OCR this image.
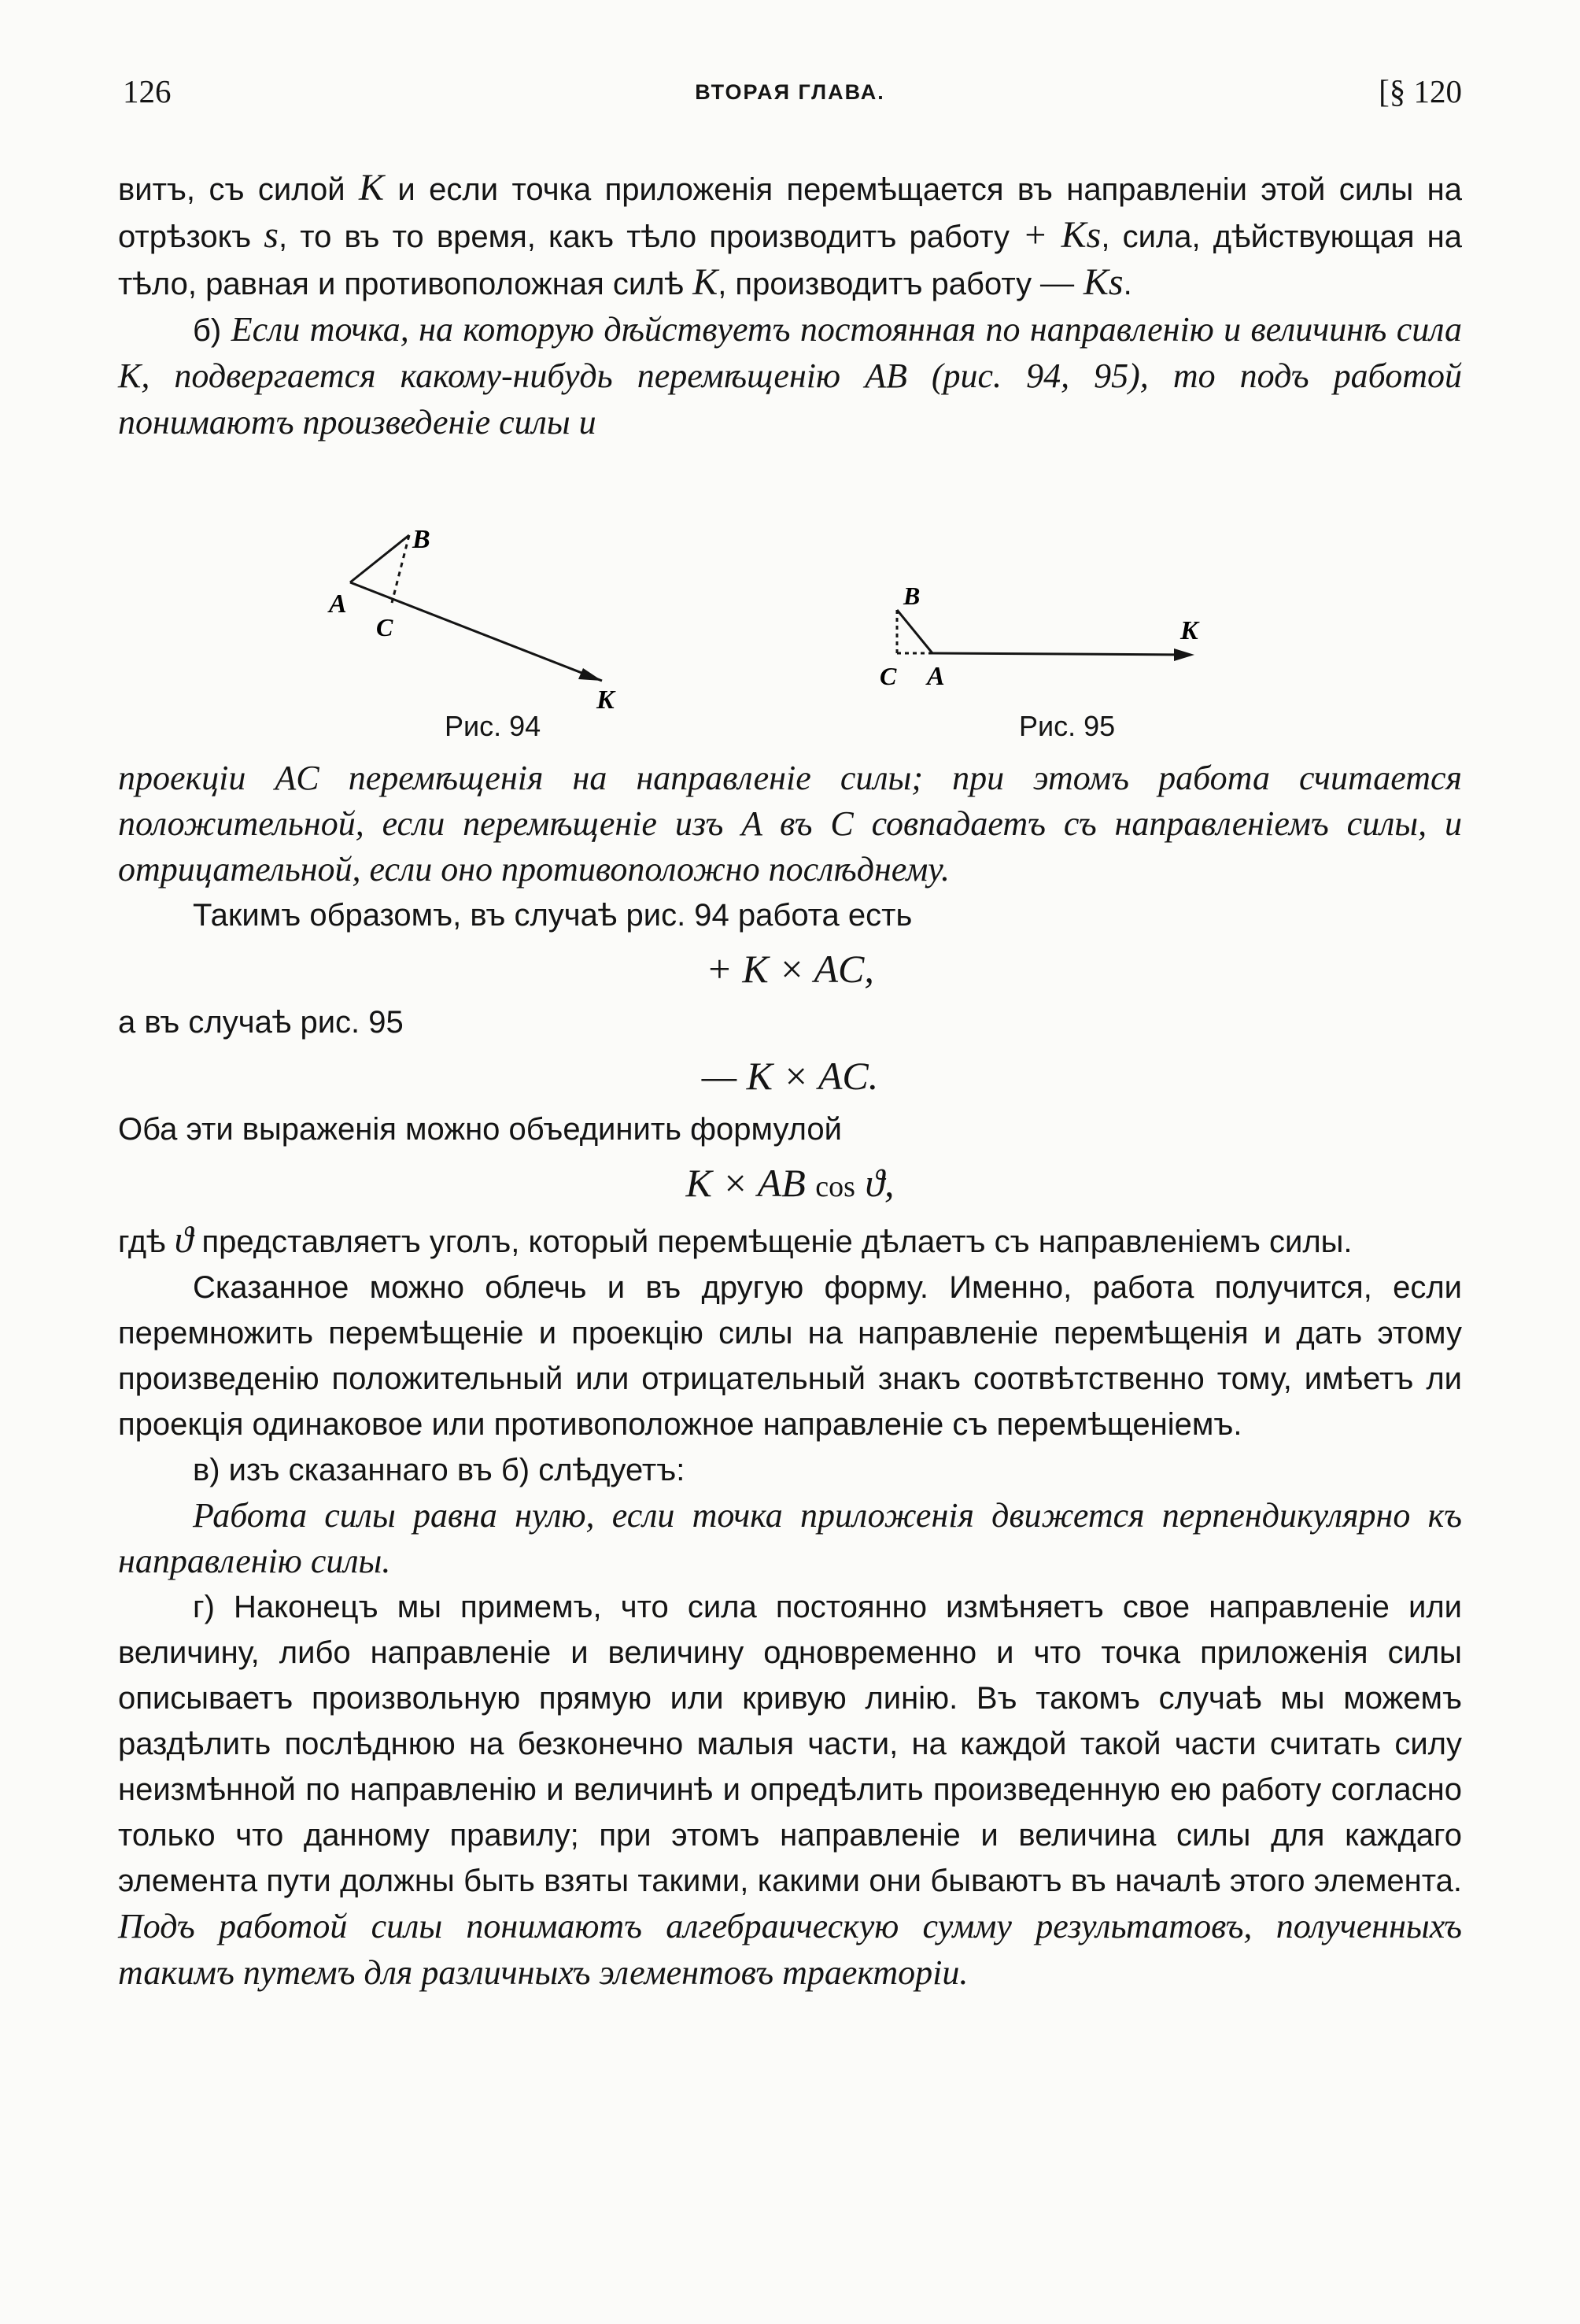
126	ВТОРАЯ ГЛАВА.	[§ 120

витъ, съ силой K и если точка приложенія перемѣщается въ направленіи этой силы на отрѣзокъ s, то въ то время, какъ тѣло производитъ работу + Ks, сила, дѣйствующая на тѣло, равная и противоположная силѣ K, производитъ работу — Ks.

б) Если точка, на которую дѣйствуетъ постоянная по направленію и величинѣ сила K, подвергается какому-нибудь перемѣщенію AB (рис. 94, 95), то подъ работой понимаютъ произведеніе силы и

A
B
C
K
Рис. 94
B
C A
K
Рис. 95

проекціи AC перемѣщенія на направленіе силы; при этомъ работа считается положительной, если перемѣщеніе изъ A въ C совпадаетъ съ направленіемъ силы, и отрицательной, если оно противоположно послѣднему.

Такимъ образомъ, въ случаѣ рис. 94 работа есть

+ K × AC,

а въ случаѣ рис. 95

— K × AC.

Оба эти выраженія можно объединить формулой

K × AB cos ϑ,

гдѣ ϑ представляетъ уголъ, который перемѣщеніе дѣлаетъ съ направленіемъ силы.

Сказанное можно облечь и въ другую форму. Именно, работа получится, если перемножить перемѣщеніе и проекцію силы на направленіе перемѣщенія и дать этому произведенію положительный или отрицательный знакъ соотвѣтственно тому, имѣетъ ли проекція одинаковое или противоположное направленіе съ перемѣщеніемъ.

в) изъ сказаннаго въ б) слѣдуетъ:

Работа силы равна нулю, если точка приложенія движется перпендикулярно къ направленію силы.

г) Наконецъ мы примемъ, что сила постоянно измѣняетъ свое направленіе или величину, либо направленіе и величину одновременно и что точка приложенія силы описываетъ произвольную прямую или кривую линію. Въ такомъ случаѣ мы можемъ раздѣлить послѣднюю на безконечно малыя части, на каждой такой части считать силу неизмѣнной по направленію и величинѣ и опредѣлить произведенную ею работу согласно только что данному правилу; при этомъ направленіе и величина силы для каждаго элемента пути должны быть взяты такими, какими они бываютъ въ началѣ этого элемента. Подъ работой силы понимаютъ алгебраическую сумму результатовъ, полученныхъ такимъ путемъ для различныхъ элементовъ траекторіи.
